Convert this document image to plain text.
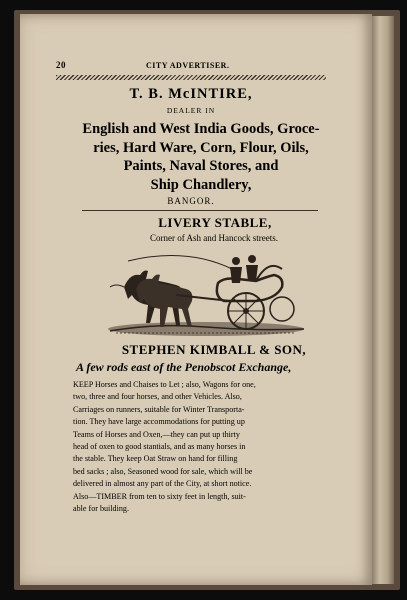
20	CITY ADVERTISER.
T. B. McINTIRE,
DEALER IN
English and West India Goods, Groce-
ries, Hard Ware, Corn, Flour, Oils,
Paints, Naval Stores, and
Ship Chandlery,
BANGOR.
LIVERY STABLE,
Corner of Ash and Hancock streets.
STEPHEN KIMBALL & SON,
A few rods east of the Penobscot Exchange,
KEEP Horses and Chaises to Let ; also, Wagons for one,
two, three and four horses, and other Vehicles. Also,
Carriages on runners, suitable for Winter Transporta-
tion. They have large accommodations for putting up
Teams of Horses and Oxen,—they can put up thirty
head of oxen to good stantials, and as many horses in
the stable. They keep Oat Straw on hand for filling
bed sacks ; also, Seasoned wood for sale, which will be
delivered in almost any part of the City, at short notice.
Also—TIMBER from ten to sixty feet in length, suit-
able for building.
